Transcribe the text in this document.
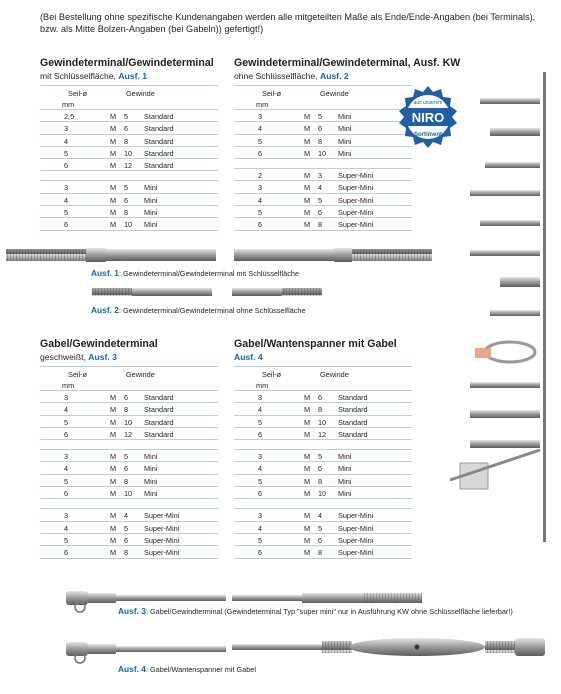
(Bei Bestellung ohne spezifische Kundenangaben werden alle mitgeteilten Maße als Ende/Ende-Angaben (bei Terminals),
bzw. als Mitte Bolzen-Angaben (bei Gabeln)) gefertigt!)
Gewindeterminal/Gewindeterminal
mit Schlüsselfläche, Ausf. 1
Seil-ø
mm
Gewinde
2,5	M 5 Standard
3	M 6 Standard
4	M 8 Standard
5	M 10 Standard
6	M 12 Standard
3	M 5 Mini
4	M 6 Mini
5	M 8 Mini
6	M 10 Mini
Gewindeterminal/Gewindeterminal, Ausf. KW
ohne Schlüsselfläche, Ausf. 2
Seil-ø
mm
Gewinde
3	M 5 Mini
4	M 6 Mini
5	M 8 Mini
6	M 10 Mini
2	M 3 Super-Mini
3	M 4 Super-Mini
4	M 5 Super-Mini
5	M 6 Super-Mini
6	M 8 Super-Mini
Ausf. 1: Gewindeterminal/Gewindeterminal mit Schlüsselfläche
Ausf. 2: Gewindeterminal/Gewindeterminal ohne Schlüsselfläche
Gabel/Gewindeterminal
geschweißt, Ausf. 3
Seil-ø
mm
Gewinde
3	M 6 Standard
4	M 8 Standard
5	M 10 Standard
6	M 12 Standard
3	M 5 Mini
4	M 6 Mini
5	M 8 Mini
6	M 10 Mini
3	M 4 Super-Mini
4	M 5 Super-Mini
5	M 6 Super-Mini
6	M 8 Super-Mini
Gabel/Wantenspanner mit Gabel
Ausf. 4
Seil-ø
mm
Gewinde
3	M 6 Standard
4	M 8 Standard
5	M 10 Standard
6	M 12 Standard
3	M 5 Mini
4	M 6 Mini
5	M 8 Mini
6	M 10 Mini
3	M 4 Super-Mini
4	M 5 Super-Mini
5	M 6 Super-Mini
6	M 8 Super-Mini
Ausf. 3: Gabel/Gewindterminal (Gewindeterminal Typ "super mini" nur in Ausführung KW ohne Schlüsselfläche lieferbar!)
Ausf. 4: Gabel/Wantenspanner mit Gabel
NIRO
aus unserem
Sortiment
